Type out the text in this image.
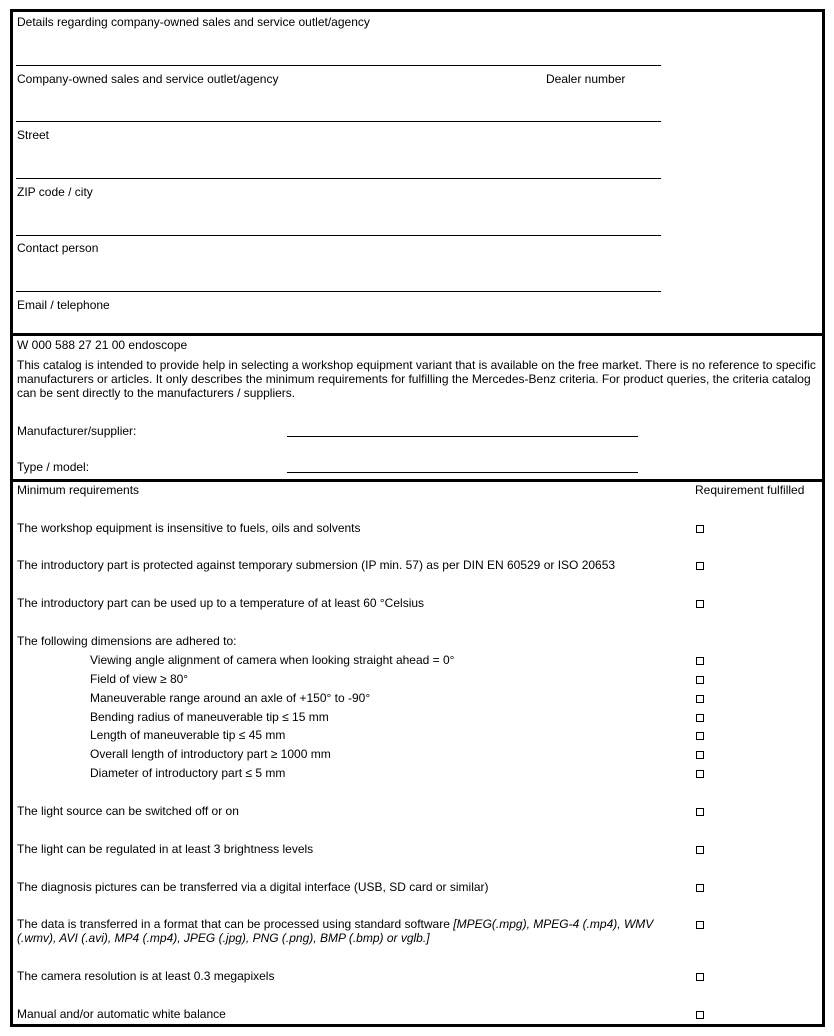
Details regarding company-owned sales and service outlet/agency
Company-owned sales and service outlet/agency	Dealer number
Street
ZIP code / city
Contact person
Email / telephone
W 000 588 27 21 00 endoscope
This catalog is intended to provide help in selecting a workshop equipment variant that is available on the free market. There is no reference to specific manufacturers or articles. It only describes the minimum requirements for fulfilling the Mercedes-Benz criteria. For product queries, the criteria catalog can be sent directly to the manufacturers / suppliers.
Manufacturer/supplier:
Type / model:
Minimum requirements	Requirement fulfilled
The workshop equipment is insensitive to fuels, oils and solvents
The introductory part is protected against temporary submersion (IP min. 57) as per DIN EN 60529 or ISO 20653
The introductory part can be used up to a temperature of at least 60 °Celsius
The following dimensions are adhered to:
Viewing angle alignment of camera when looking straight ahead = 0°
Field of view ≥ 80°
Maneuverable range around an axle of +150° to -90°
Bending radius of maneuverable tip ≤ 15 mm
Length of maneuverable tip ≤ 45 mm
Overall length of introductory part ≥ 1000 mm
Diameter of introductory part ≤ 5 mm
The light source can be switched off or on
The light can be regulated in at least 3 brightness levels
The diagnosis pictures can be transferred via a digital interface (USB, SD card or similar)
The data is transferred in a format that can be processed using standard software [MPEG(.mpg), MPEG-4 (.mp4), WMV (.wmv), AVI (.avi), MP4 (.mp4), JPEG (.jpg), PNG (.png), BMP (.bmp) or vglb.]
The camera resolution is at least 0.3 megapixels
Manual and/or automatic white balance
